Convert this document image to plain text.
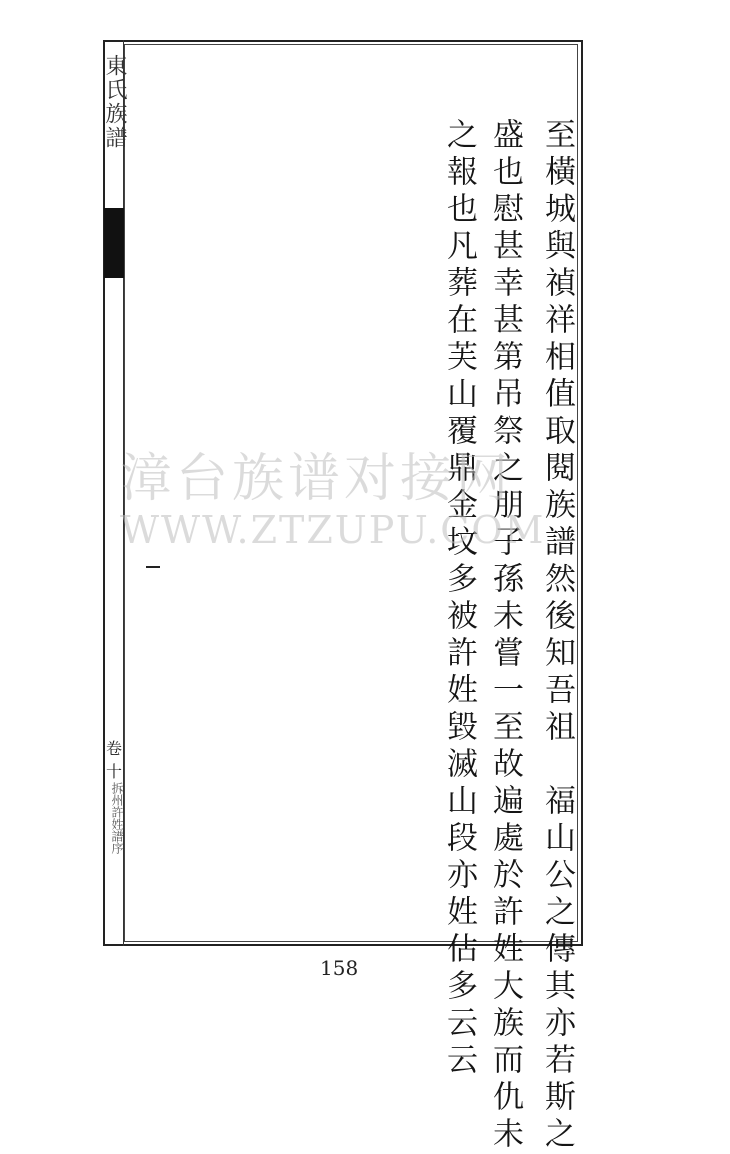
東氏族譜
卷十
拆州許姓譜序	至橫城與禎祥相值取閱族譜然後知吾祖　福山公之傳其亦若斯之
盛也慰甚幸甚第吊祭之朋子孫未嘗一至故遍處於許姓大族而仇未
之報也凡葬在芙山覆鼎金坟多被許姓毀滅山段亦姓佔多云云
漳台族谱对接网
WWW.ZTZUPU.COM
158
